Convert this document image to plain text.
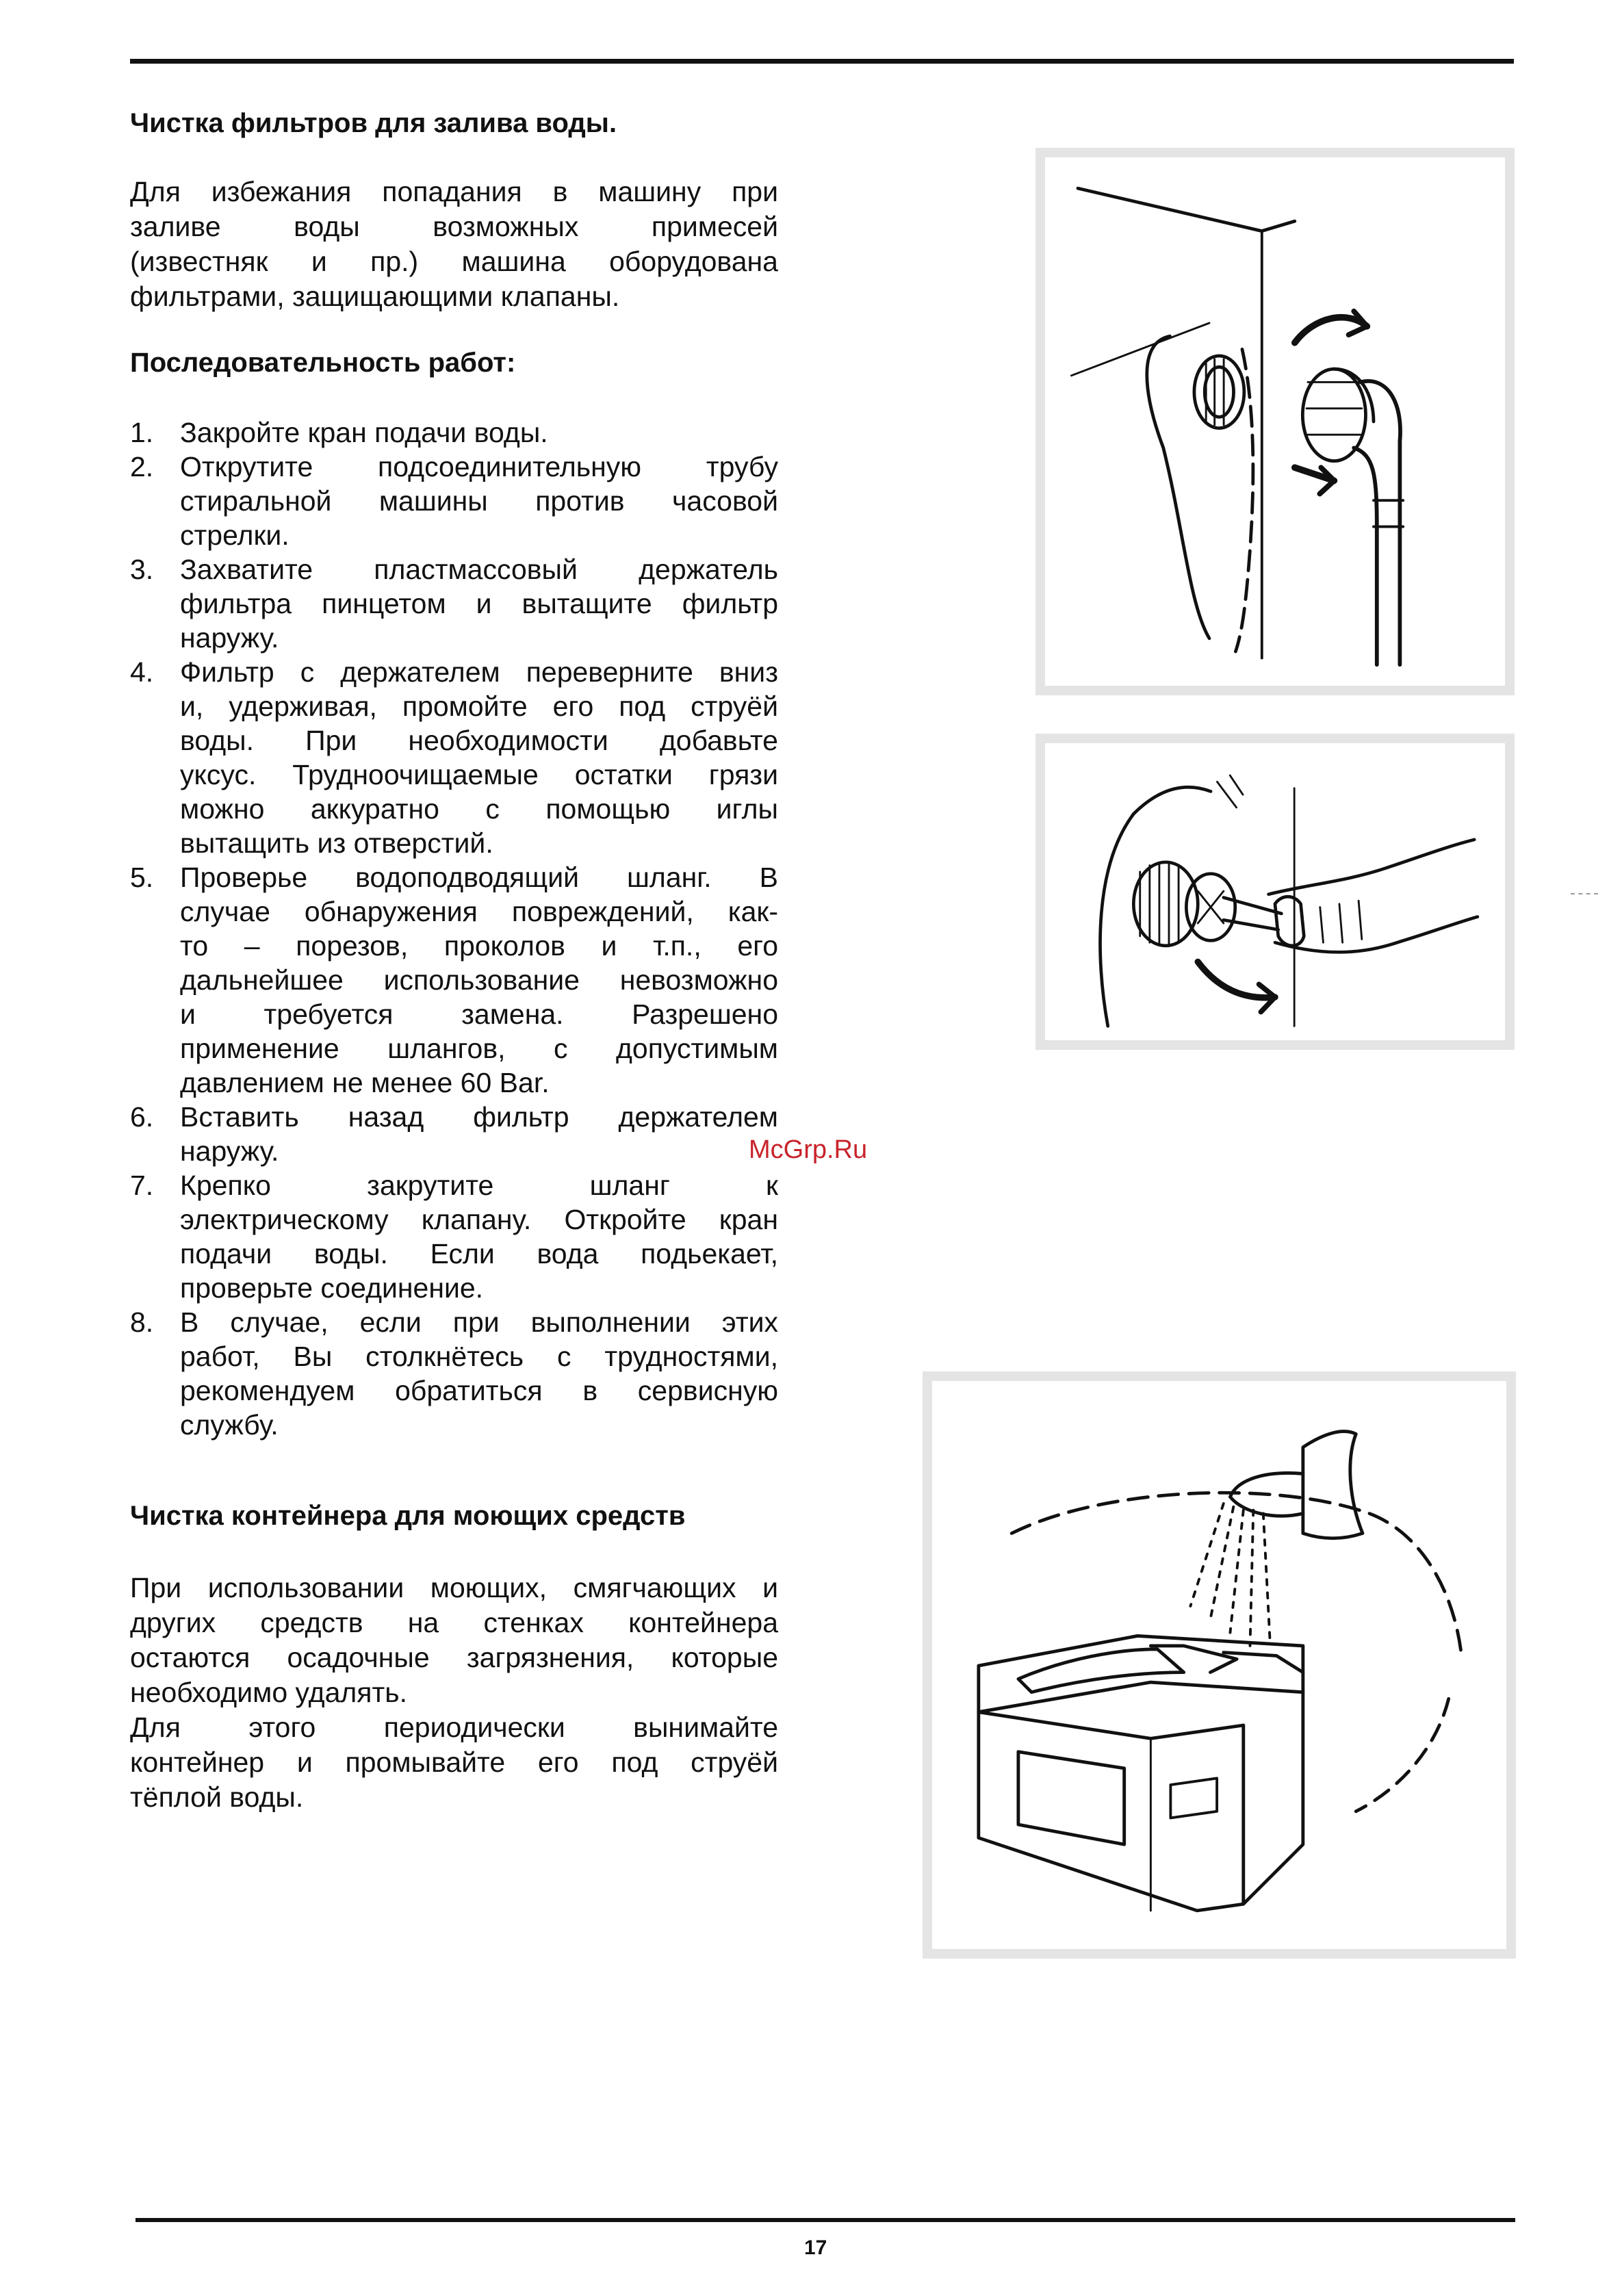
Чистка фильтров для залива воды.
Для избежания попадания в машину при
заливе воды возможных примесей
(известняк и пр.) машина оборудована
фильтрами, защищающими клапаны.
Последовательность работ:
1. Закройте кран подачи воды.
2. Открутите подсоединительную трубу
стиральной машины против часовой
стрелки.
3. Захватите пластмассовый держатель
фильтра пинцетом и вытащите фильтр
наружу.
4. Фильтр с держателем переверните вниз
и, удерживая, промойте его под струёй
воды. При необходимости добавьте
уксус. Трудноочищаемые остатки грязи
можно аккуратно с помощью иглы
вытащить из отверстий.
5. Проверье водоподводящий шланг. В
случае обнаружения повреждений, как-
то – порезов, проколов и т.п., его
дальнейшее использование невозможно
и требуется замена. Разрешено
применение шлангов, с допустимым
давлением не менее 60 Bar.
6. Вставить назад фильтр держателем
наружу.
7. Крепко закрутите шланг к
электрическому клапану. Откройте кран
подачи воды. Если вода подьекает,
проверьте соединение.
8. В случае, если при выполнении этих
работ, Вы столкнётесь с трудностями,
рекомендуем обратиться в сервисную
службу.
Чистка контейнера для моющих средств
При использовании моющих, смягчающих и
других средств на стенках контейнера
остаются осадочные загрязнения, которые
необходимо удалять.
Для этого периодически вынимайте
контейнер и промывайте его под струёй
тёплой воды.
McGrp.Ru
17
